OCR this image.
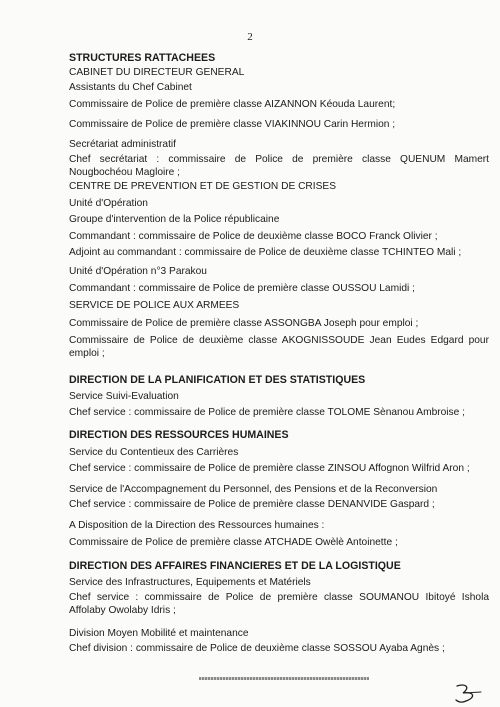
2
STRUCTURES RATTACHEES
CABINET DU DIRECTEUR GENERAL
Assistants du Chef Cabinet
Commissaire de Police de première classe AIZANNON Kéouda Laurent;
Commissaire de Police de première classe VIAKINNOU Carin Hermion ;
Secrétariat administratif
Chef secrétariat : commissaire de Police de première classe QUENUM Mamert Nougbochéou Magloire ;
CENTRE DE PREVENTION ET DE GESTION DE CRISES
Unité d'Opération
Groupe d'intervention de la Police républicaine
Commandant : commissaire de Police de deuxième classe BOCO Franck Olivier ;
Adjoint au commandant : commissaire de Police de deuxième classe TCHINTEO Mali ;
Unité d'Opération n°3 Parakou
Commandant : commissaire de Police de première classe OUSSOU Lamidi ;
SERVICE DE POLICE AUX ARMEES
Commissaire de Police de première classe ASSONGBA Joseph pour emploi ;
Commissaire de Police de deuxième classe AKOGNISSOUDE Jean Eudes Edgard pour emploi ;
DIRECTION DE LA PLANIFICATION ET DES STATISTIQUES
Service Suivi-Evaluation
Chef service : commissaire de Police de première classe TOLOME Sènanou Ambroise ;
DIRECTION DES RESSOURCES HUMAINES
Service du Contentieux des Carrières
Chef service : commissaire de Police de première classe ZINSOU Affognon Wilfrid Aron ;
Service de l'Accompagnement du Personnel, des Pensions et de la Reconversion
Chef service : commissaire de Police de première classe DENANVIDE Gaspard ;
A Disposition de la Direction des Ressources humaines :
Commissaire de Police de première classe ATCHADE Owèlè Antoinette ;
DIRECTION DES AFFAIRES FINANCIERES ET DE LA LOGISTIQUE
Service des Infrastructures, Equipements et Matériels
Chef service : commissaire de Police de première classe SOUMANOU Ibitoyé Ishola Affolaby Owolaby Idris ;
Division Moyen Mobilité et maintenance
Chef division : commissaire de Police de deuxième classe SOSSOU Ayaba Agnès ;
